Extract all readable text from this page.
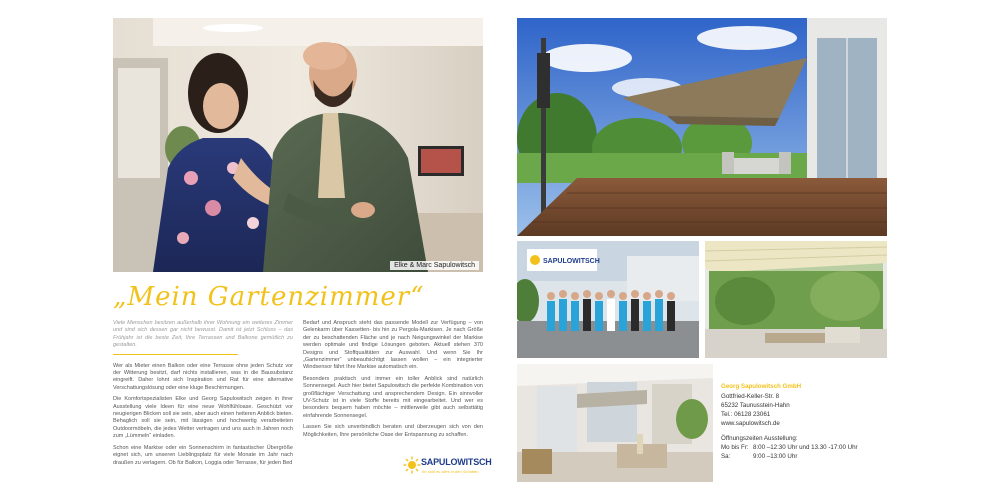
Elke & Marc Sapulowitsch
„Mein Gartenzimmer“

Viele Menschen besitzen außerhalb ihrer Wohnung ein weiteres Zimmer und sind sich dessen gar nicht bewusst. Damit ist jetzt Schluss – das Frühjahr ist die beste Zeit, Ihre Terrassen und Balkone gemütlich zu gestalten.

Wer als Mieter einen Balkon oder eine Terrasse ohne jeden Schutz vor der Witterung besitzt, darf nichts installieren, was in die Bausubstanz eingreift. Daher lohnt sich Inspiration und Rat für eine alternative Verschattungslösung oder eine kluge Beschirmungen.

Die Komfortspezialisten Elke und Georg Sapulowitsch zeigen in ihrer Ausstellung viele Ideen für eine neue Wohlfühloase. Geschützt vor neugierigen Blicken soll sie sein, aber auch einen heiteren Anblick bieten. Behaglich soll sie sein, mit lässigen und hochwertig verarbeiteten Outdoormöbeln, die jedes Wetter vertragen und uns auch in Jahren noch zum „Lümmeln“ einladen.

Schon eine Markise oder ein Sonnenschirm in fantastischer Übergröße eignet sich, um unseren Lieblingsplatz für viele Monate im Jahr nach draußen zu verlagern. Ob für Balkon, Loggia oder Terrasse, für jeden Bed

Bedarf und Anspruch steht das passende Modell zur Verfügung – von Gelenkarm über Kassetten- bis hin zu Pergola-Markisen. Je nach Größe der zu beschattenden Fläche und je nach Neigungswinkel der Markise werden optimale und findige Lösungen geboten. Aktuell stehen 370 Designs und Stoffqualitäten zur Auswahl. Und wenn Sie Ihr „Gartenzimmer“ unbeaufsichtigt lassen wollen – ein integrierter Windsensor fährt Ihre Markise automatisch ein.

Besonders praktisch und immer ein toller Anblick sind natürlich Sonnensegel. Auch hier bietet Sapulowitsch die perfekte Kombination von großflächiger Verschattung und ansprechendem Design. Ein sinnvoller UV-Schutz ist in viele Stoffe bereits mit eingearbeitet. Und wer es besonders bequem haben möchte – mittlerweile gibt auch selbsttätig einfahrende Sonnensegel.

Lassen Sie sich unverbindlich beraten und überzeugen sich von den Möglichkeiten, Ihre persönliche Oase der Entspannung zu schaffen.

SAPULOWITSCH
Ihr sollt es alles in den Schatten
SAPULOWITSCH
Georg Sapulowitsch GmbH
Gottfried-Keller-Str. 8
65232 Taunusstein-Hahn
Tel.: 06128 23061
www.sapulowitsch.de
Öffnungszeiten Ausstellung:
Mo bis Fr: 8:00 –12:30 Uhr und 13.30 -17:00 Uhr
Sa:	9:00 –13:00 Uhr
